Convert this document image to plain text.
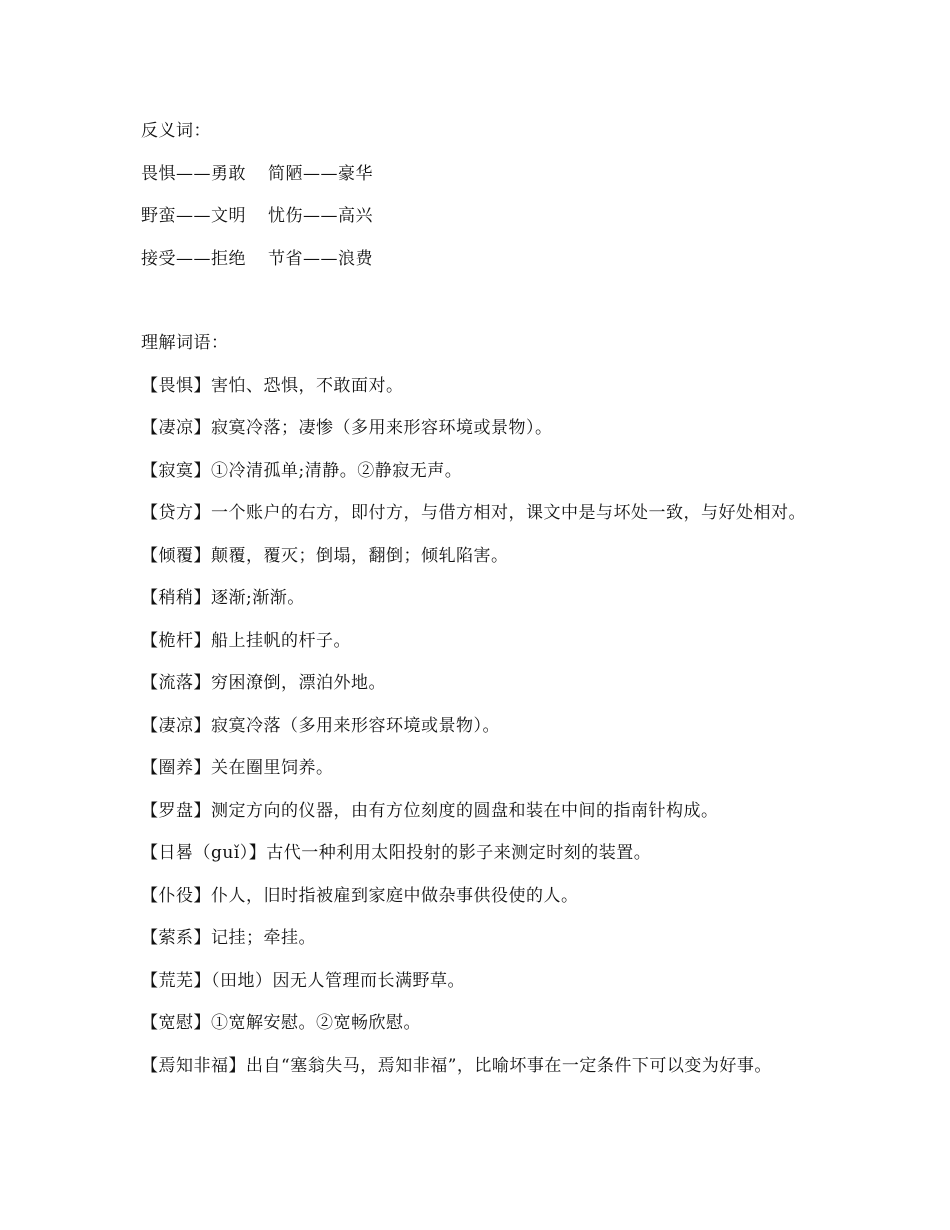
反义词：
畏惧——勇敢 简陋——豪华
野蛮——文明 忧伤——高兴
接受——拒绝 节省——浪费
理解词语：
【畏惧】害怕、恐惧，不敢面对。
【凄凉】寂寞冷落；凄惨（多用来形容环境或景物）。
【寂寞】①冷清孤单;清静。②静寂无声。
【贷方】一个账户的右方，即付方，与借方相对，课文中是与坏处一致，与好处相对。
【倾覆】颠覆，覆灭；倒塌，翻倒；倾轧陷害。
【稍稍】逐渐;渐渐。
【桅杆】船上挂帆的杆子。
【流落】穷困潦倒，漂泊外地。
【凄凉】寂寞冷落（多用来形容环境或景物）。
【圈养】关在圈里饲养。
【罗盘】测定方向的仪器，由有方位刻度的圆盘和装在中间的指南针构成。
【日晷（guǐ）】古代一种利用太阳投射的影子来测定时刻的装置。
【仆役】仆人，旧时指被雇到家庭中做杂事供役使的人。
【萦系】记挂；牵挂。
【荒芜】（田地）因无人管理而长满野草。
【宽慰】①宽解安慰。②宽畅欣慰。
【焉知非福】出自“塞翁失马，焉知非福”，比喻坏事在一定条件下可以变为好事。
